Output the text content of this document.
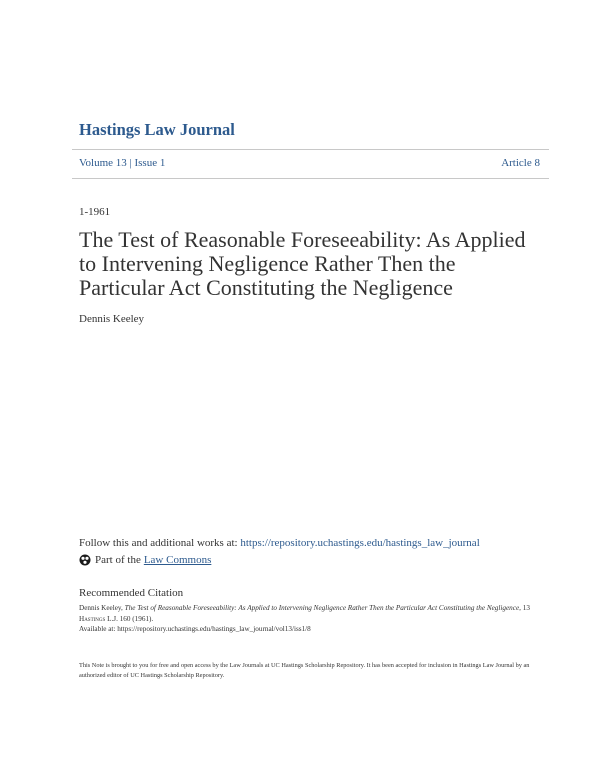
Hastings Law Journal
Volume 13 | Issue 1	Article 8
1-1961
The Test of Reasonable Foreseeability: As Applied to Intervening Negligence Rather Then the Particular Act Constituting the Negligence
Dennis Keeley
Follow this and additional works at: https://repository.uchastings.edu/hastings_law_journal
Part of the Law Commons
Recommended Citation
Dennis Keeley, The Test of Reasonable Foreseeability: As Applied to Intervening Negligence Rather Then the Particular Act Constituting the Negligence, 13 Hastings L.J. 160 (1961).
Available at: https://repository.uchastings.edu/hastings_law_journal/vol13/iss1/8
This Note is brought to you for free and open access by the Law Journals at UC Hastings Scholarship Repository. It has been accepted for inclusion in Hastings Law Journal by an authorized editor of UC Hastings Scholarship Repository.
